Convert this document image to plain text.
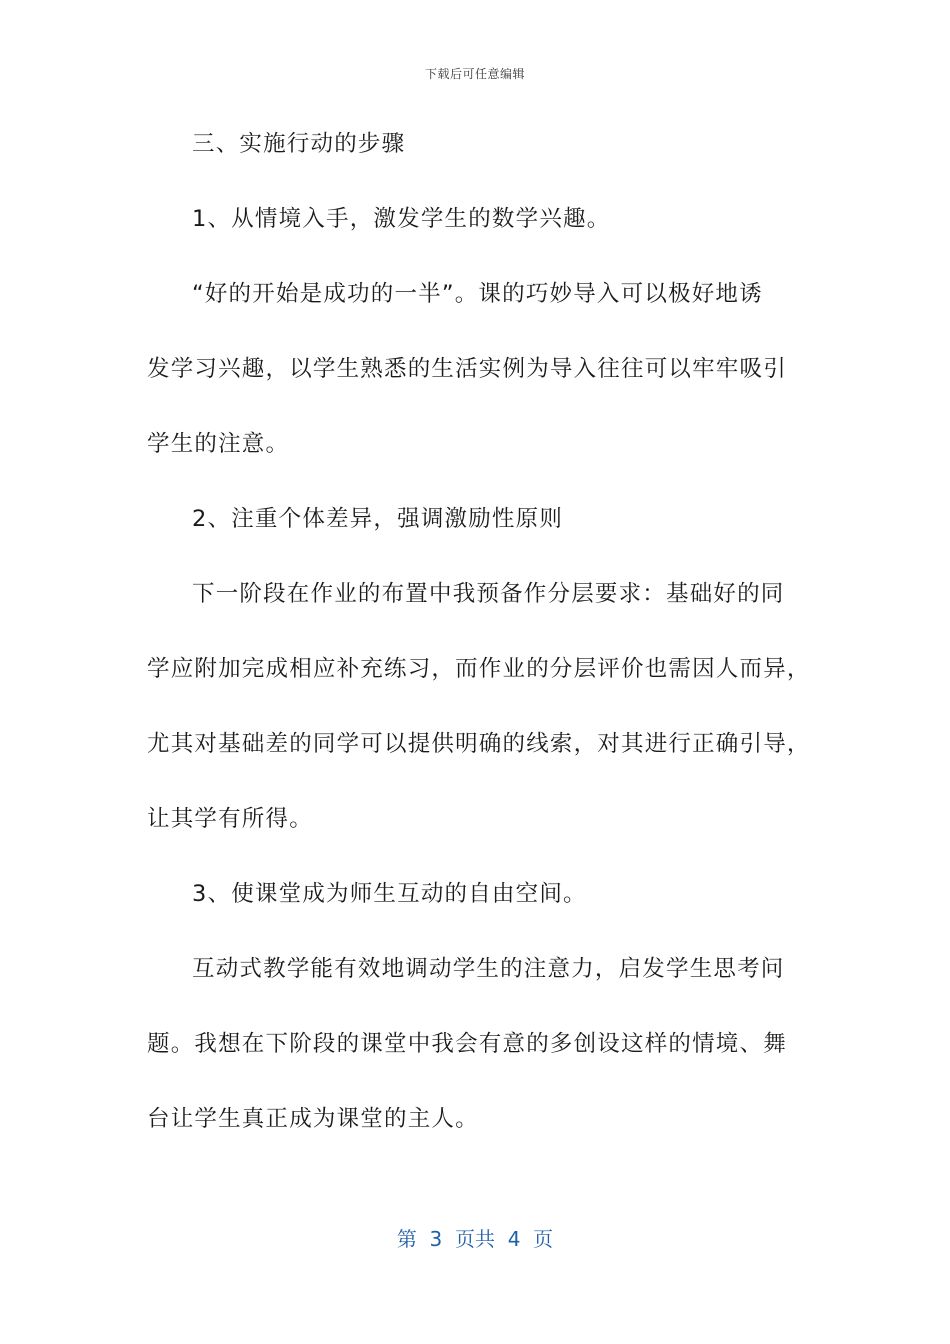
下载后可任意编辑
三、实施行动的步骤
1、从情境入手，激发学生的数学兴趣。
“好的开始是成功的一半”。课的巧妙导入可以极好地诱
发学习兴趣，以学生熟悉的生活实例为导入往往可以牢牢吸引
学生的注意。
2、注重个体差异，强调激励性原则
下一阶段在作业的布置中我预备作分层要求：基础好的同
学应附加完成相应补充练习，而作业的分层评价也需因人而异，
尤其对基础差的同学可以提供明确的线索，对其进行正确引导，
让其学有所得。
3、使课堂成为师生互动的自由空间。
互动式教学能有效地调动学生的注意力，启发学生思考问
题。我想在下阶段的课堂中我会有意的多创设这样的情境、舞
台让学生真正成为课堂的主人。
第  3  页共  4  页
